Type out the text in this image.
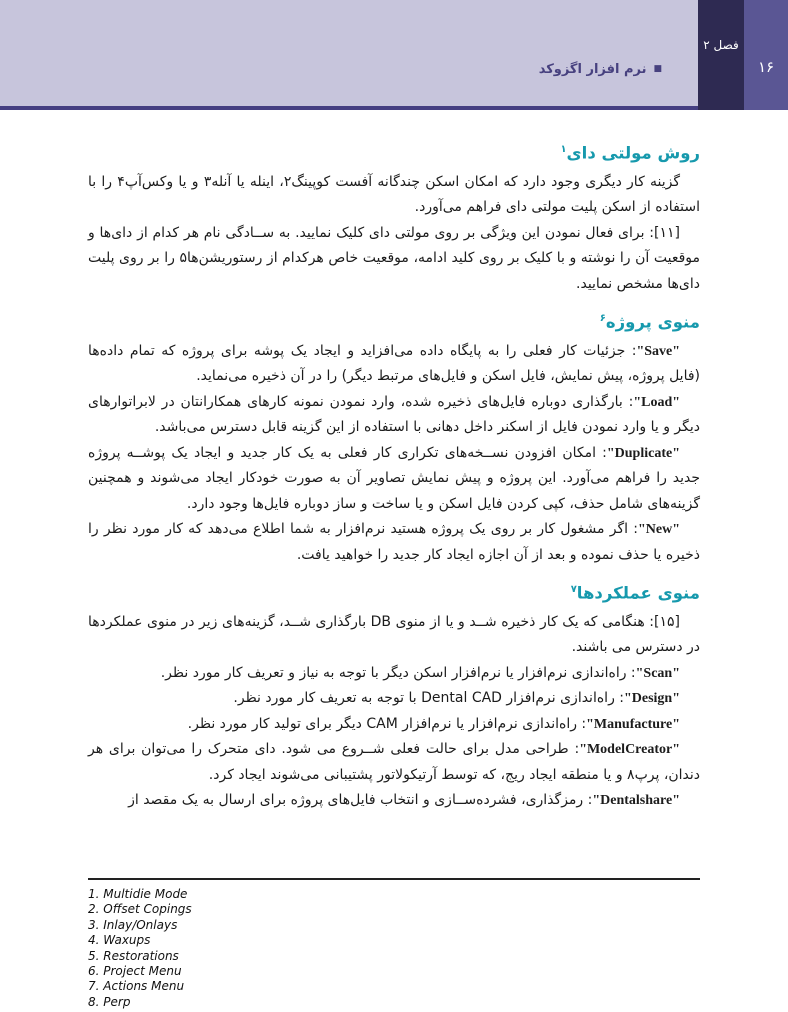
■
نرم افزار اگزوکد
فصل ۲
۱۶
روش مولتی دای$^۱$

گزینه کار دیگری وجود دارد که امکان اسکن چندگانه آفست کوپینگ۲، اینله یا آنله۳ و یا وکس‌آپ۴ را با استفاده از اسکن پلیت مولتی دای فراهم می‌آورد.

[۱۱]: برای فعال نمودن این ویژگی بر روی مولتی دای کلیک نمایید. به ســادگی نام هر کدام از دای‌ها و موقعیت آن را نوشته و با کلیک بر روی کلید ادامه، موقعیت خاص هرکدام از رستوریشن‌ها۵ را بر روی پلیت دای‌ها مشخص نمایید.

منوی پروژه$^۶$

"Save": جزئیات کار فعلی را به پایگاه داده می‌افزاید و ایجاد یک پوشه برای پروژه که تمام داده‌ها (فایل پروژه، پیش نمایش، فایل اسکن و فایل‌های مرتبط دیگر) را در آن ذخیره می‌نماید.

"Load": بارگذاری دوباره فایل‌های ذخیره شده، وارد نمودن نمونه کارهای همکارانتان در لابراتوارهای دیگر و یا وارد نمودن فایل از اسکنر داخل دهانی با استفاده از این گزینه قابل دسترس می‌باشد.

"Duplicate": امکان افزودن نســخه‌های تکراری کار فعلی به یک کار جدید و ایجاد یک پوشــه پروژه جدید را فراهم می‌آورد. این پروژه و پیش نمایش تصاویر آن به صورت خودکار ایجاد می‌شوند و همچنین گزینه‌های شامل حذف، کپی کردن فایل اسکن و یا ساخت و ساز دوباره فایل‌ها وجود دارد.

"New": اگر مشغول کار بر روی یک پروژه هستید نرم‌افزار به شما اطلاع می‌دهد که کار مورد نظر را ذخیره یا حذف نموده و بعد از آن اجازه ایجاد کار جدید را خواهید یافت.

منوی عملکردها$^۷$

[۱۵]: هنگامی که یک کار ذخیره شــد و یا از منوی DB بارگذاری شــد، گزینه‌های زیر در منوی عملکردها در دسترس می باشند.

"Scan": راه‌اندازی نرم‌افزار یا نرم‌افزار اسکن دیگر با توجه به نیاز و تعریف کار مورد نظر.

"Design": راه‌اندازی نرم‌افزار Dental CAD با توجه به تعریف کار مورد نظر.

"Manufacture": راه‌اندازی نرم‌افزار یا نرم‌افزار CAM دیگر برای تولید کار مورد نظر.

"ModelCreator": طراحی مدل برای حالت فعلی شــروع می شود. دای متحرک را می‌توان برای هر دندان، پرپ۸ و یا منطقه ایجاد ریج، که توسط آرتیکولاتور پشتیبانی می‌شوند ایجاد کرد.

"Dentalshare": رمزگذاری، فشرده‌ســازی و انتخاب فایل‌های پروژه برای ارسال به یک مقصد از

1. Multidie Mode
2. Offset Copings
3. Inlay/Onlays
4. Waxups
5. Restorations
6. Project Menu
7. Actions Menu
8. Perp
